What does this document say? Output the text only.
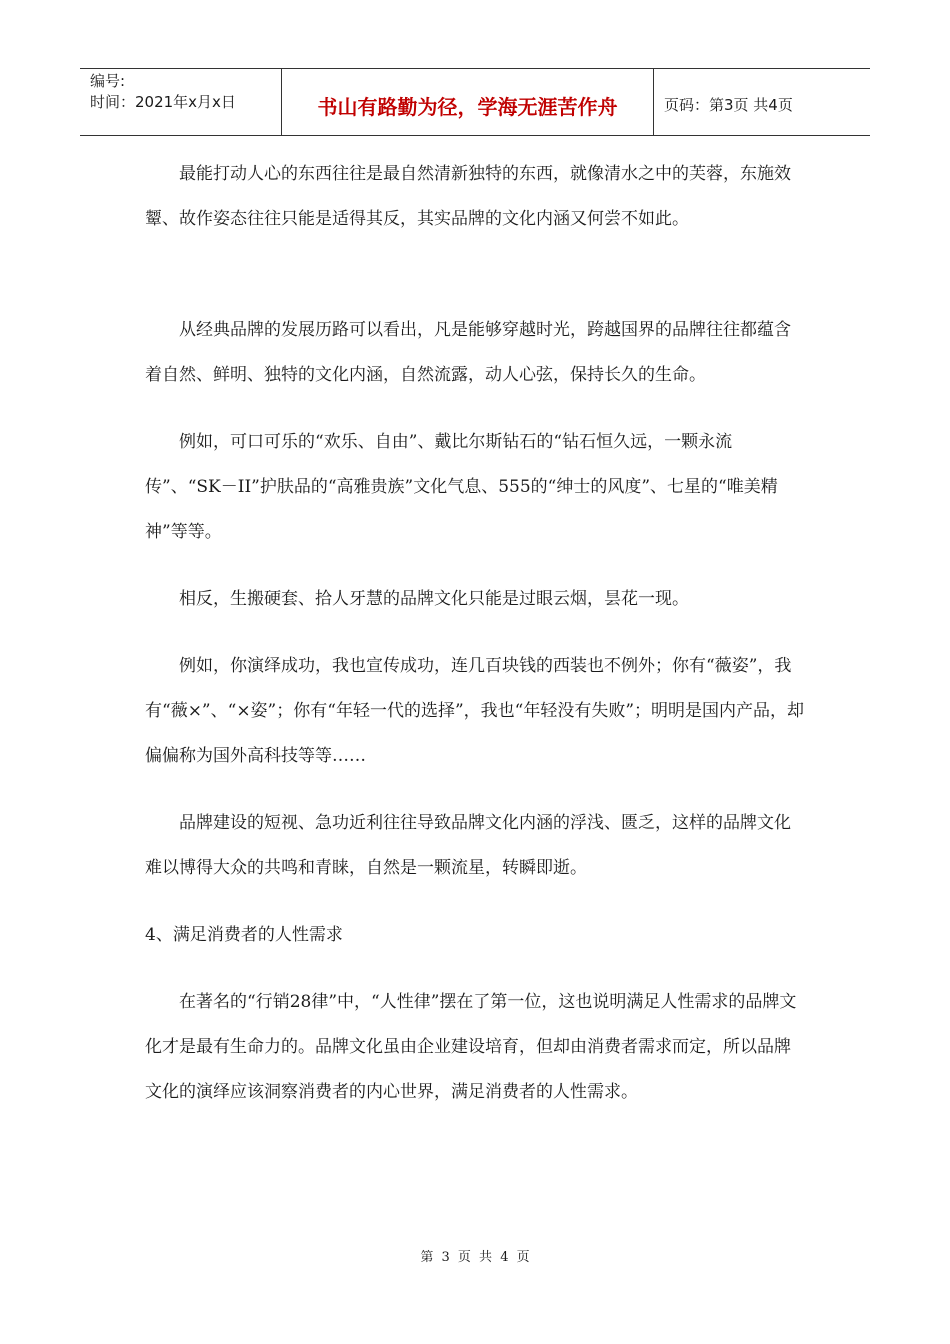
编号:
时间：2021年x月x日	书山有路勤为径，学海无涯苦作舟	页码：第3页 共4页

最能打动人心的东西往往是最自然清新独特的东西，就像清水之中的芙蓉，东施效颦、故作姿态往往只能是适得其反，其实品牌的文化内涵又何尝不如此。

从经典品牌的发展历路可以看出，凡是能够穿越时光，跨越国界的品牌往往都蕴含着自然、鲜明、独特的文化内涵，自然流露，动人心弦，保持长久的生命。

例如，可口可乐的“欢乐、自由”、戴比尔斯钻石的“钻石恒久远，一颗永流传”、“SK－II”护肤品的“高雅贵族”文化气息、555的“绅士的风度”、七星的“唯美精神”等等。

相反，生搬硬套、拾人牙慧的品牌文化只能是过眼云烟，昙花一现。

例如，你演绎成功，我也宣传成功，连几百块钱的西装也不例外；你有“薇姿”，我有“薇×”、“×姿”；你有“年轻一代的选择”，我也“年轻没有失败”；明明是国内产品，却偏偏称为国外高科技等等……

品牌建设的短视、急功近利往往导致品牌文化内涵的浮浅、匮乏，这样的品牌文化难以博得大众的共鸣和青睐，自然是一颗流星，转瞬即逝。

4、满足消费者的人性需求

在著名的“行销28律”中，“人性律”摆在了第一位，这也说明满足人性需求的品牌文化才是最有生命力的。品牌文化虽由企业建设培育，但却由消费者需求而定，所以品牌文化的演绎应该洞察消费者的内心世界，满足消费者的人性需求。

第 3 页 共 4 页
